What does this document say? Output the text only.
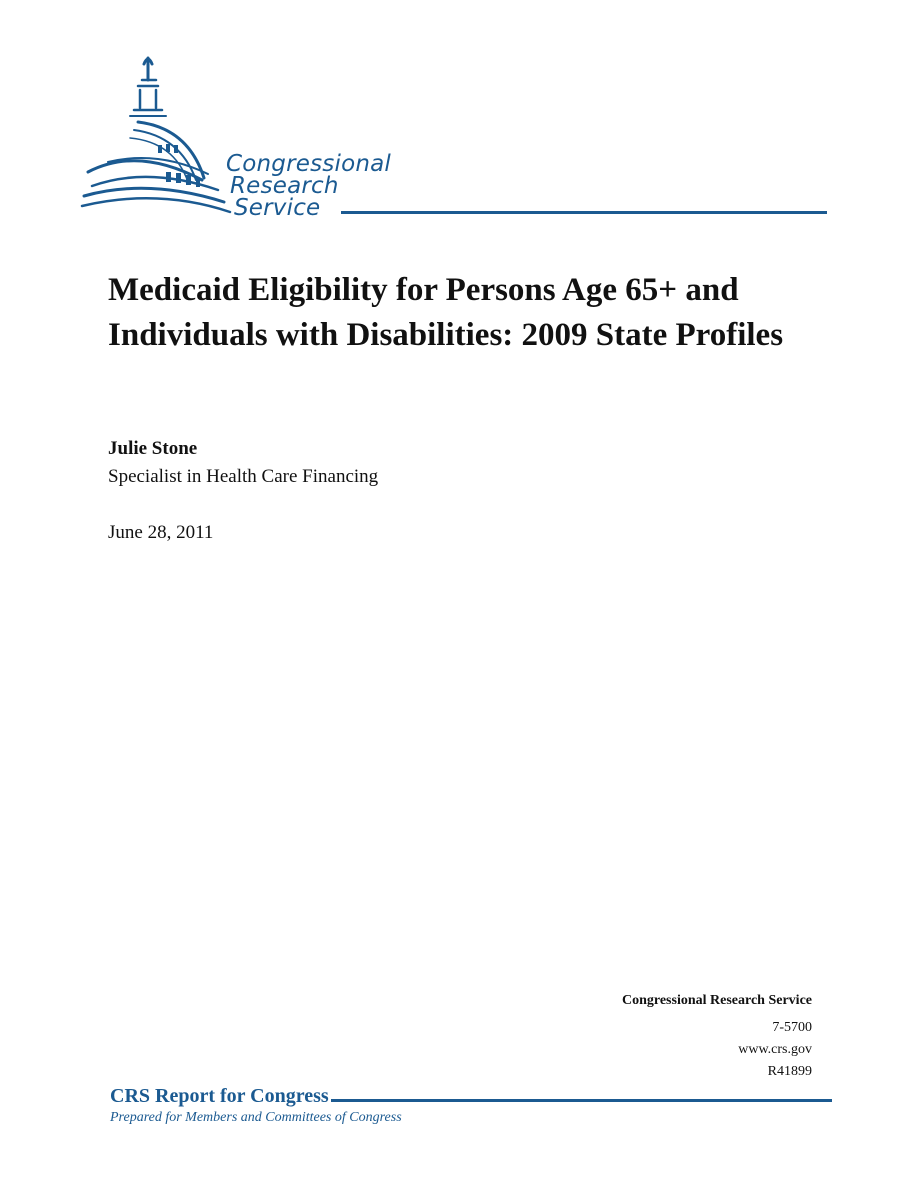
Congressional
Research
Service
Medicaid Eligibility for Persons Age 65+ and Individuals with Disabilities: 2009 State Profiles

Julie Stone

Specialist in Health Care Financing

June 28, 2011

Congressional Research Service
7-5700
www.crs.gov
R41899
CRS Report for Congress
Prepared for Members and Committees of Congress
